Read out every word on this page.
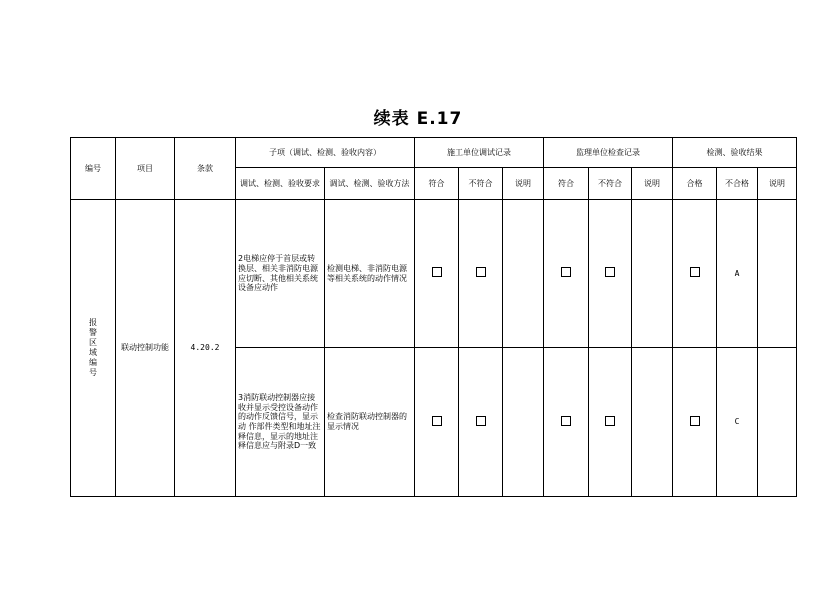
续表 E.17
编号	项目	条款	子项（调试、检测、验收内容）		施工单位调试记录			监理单位检查记录			检测、验收结果		
			调试、检测、验收要求	调试、检测、验收方法	符合	不符合	说明	符合	不符合	说明	合格	不合格	说明
报警区域编号	联动控制功能	4.20.2	2电梯应停于首层或转换层、相关非消防电源应切断、其他相关系统设备应动作	检测电梯、非消防电源等相关系统的动作情况								A	
			3消防联动控制器应接收并显示受控设备动作的动作反馈信号，显示动 作部件类型和地址注释信息，显示的地址注释信息应与附录D一致	检查消防联动控制器的显示情况								C	
